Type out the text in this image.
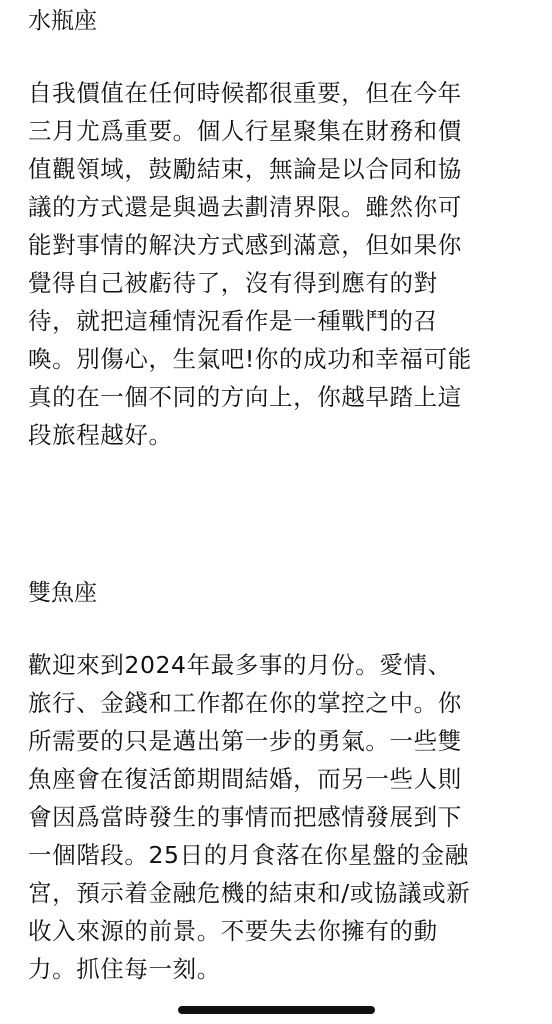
水瓶座

自我價值在任何時候都很重要，但在今年
三月尤爲重要。個人行星聚集在財務和價
值觀領域，鼓勵結束，無論是以合同和協
議的方式還是與過去劃清界限。雖然你可
能對事情的解決方式感到滿意，但如果你
覺得自己被虧待了，沒有得到應有的對
待，就把這種情況看作是一種戰鬥的召
喚。別傷心，生氣吧!你的成功和幸福可能
真的在一個不同的方向上，你越早踏上這
段旅程越好。

雙魚座

歡迎來到2024年最多事的月份。愛情、
旅行、金錢和工作都在你的掌控之中。你
所需要的只是邁出第一步的勇氣。一些雙
魚座會在復活節期間結婚，而另一些人則
會因爲當時發生的事情而把感情發展到下
一個階段。25日的月食落在你星盤的金融
宮，預示着金融危機的結束和/或協議或新
收入來源的前景。不要失去你擁有的動
力。抓住每一刻。
